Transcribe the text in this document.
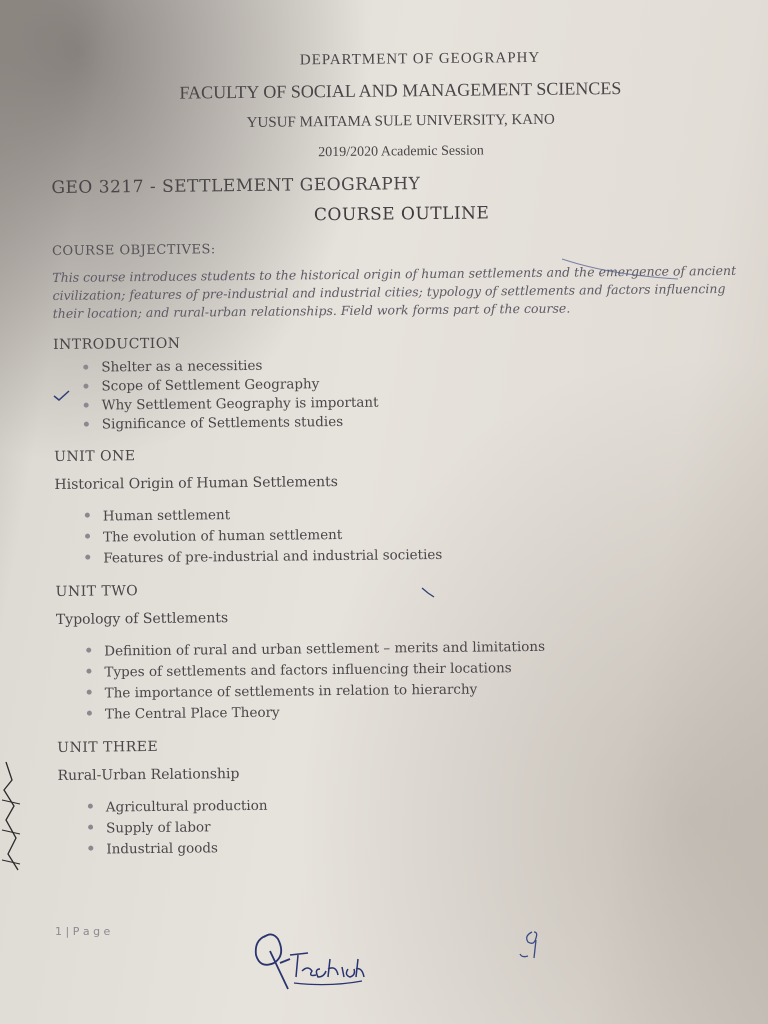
DEPARTMENT OF GEOGRAPHY
FACULTY OF SOCIAL AND MANAGEMENT SCIENCES
YUSUF MAITAMA SULE UNIVERSITY, KANO
2019/2020 Academic Session
GEO 3217 - SETTLEMENT GEOGRAPHY
COURSE OUTLINE
COURSE OBJECTIVES:
This course introduces students to the historical origin of human settlements and the emergence of ancient civilization; features of pre-industrial and industrial cities; typology of settlements and factors influencing their location; and rural-urban relationships. Field work forms part of the course.
INTRODUCTION
Shelter as a necessities
Scope of Settlement Geography
Why Settlement Geography is important
Significance of Settlements studies
UNIT ONE
Historical Origin of Human Settlements
Human settlement
The evolution of human settlement
Features of pre-industrial and industrial societies
UNIT TWO
Typology of Settlements
Definition of rural and urban settlement – merits and limitations
Types of settlements and factors influencing their locations
The importance of settlements in relation to hierarchy
The Central Place Theory
UNIT THREE
Rural-Urban Relationship
Agricultural production
Supply of labor
Industrial goods
1 | P a g e
